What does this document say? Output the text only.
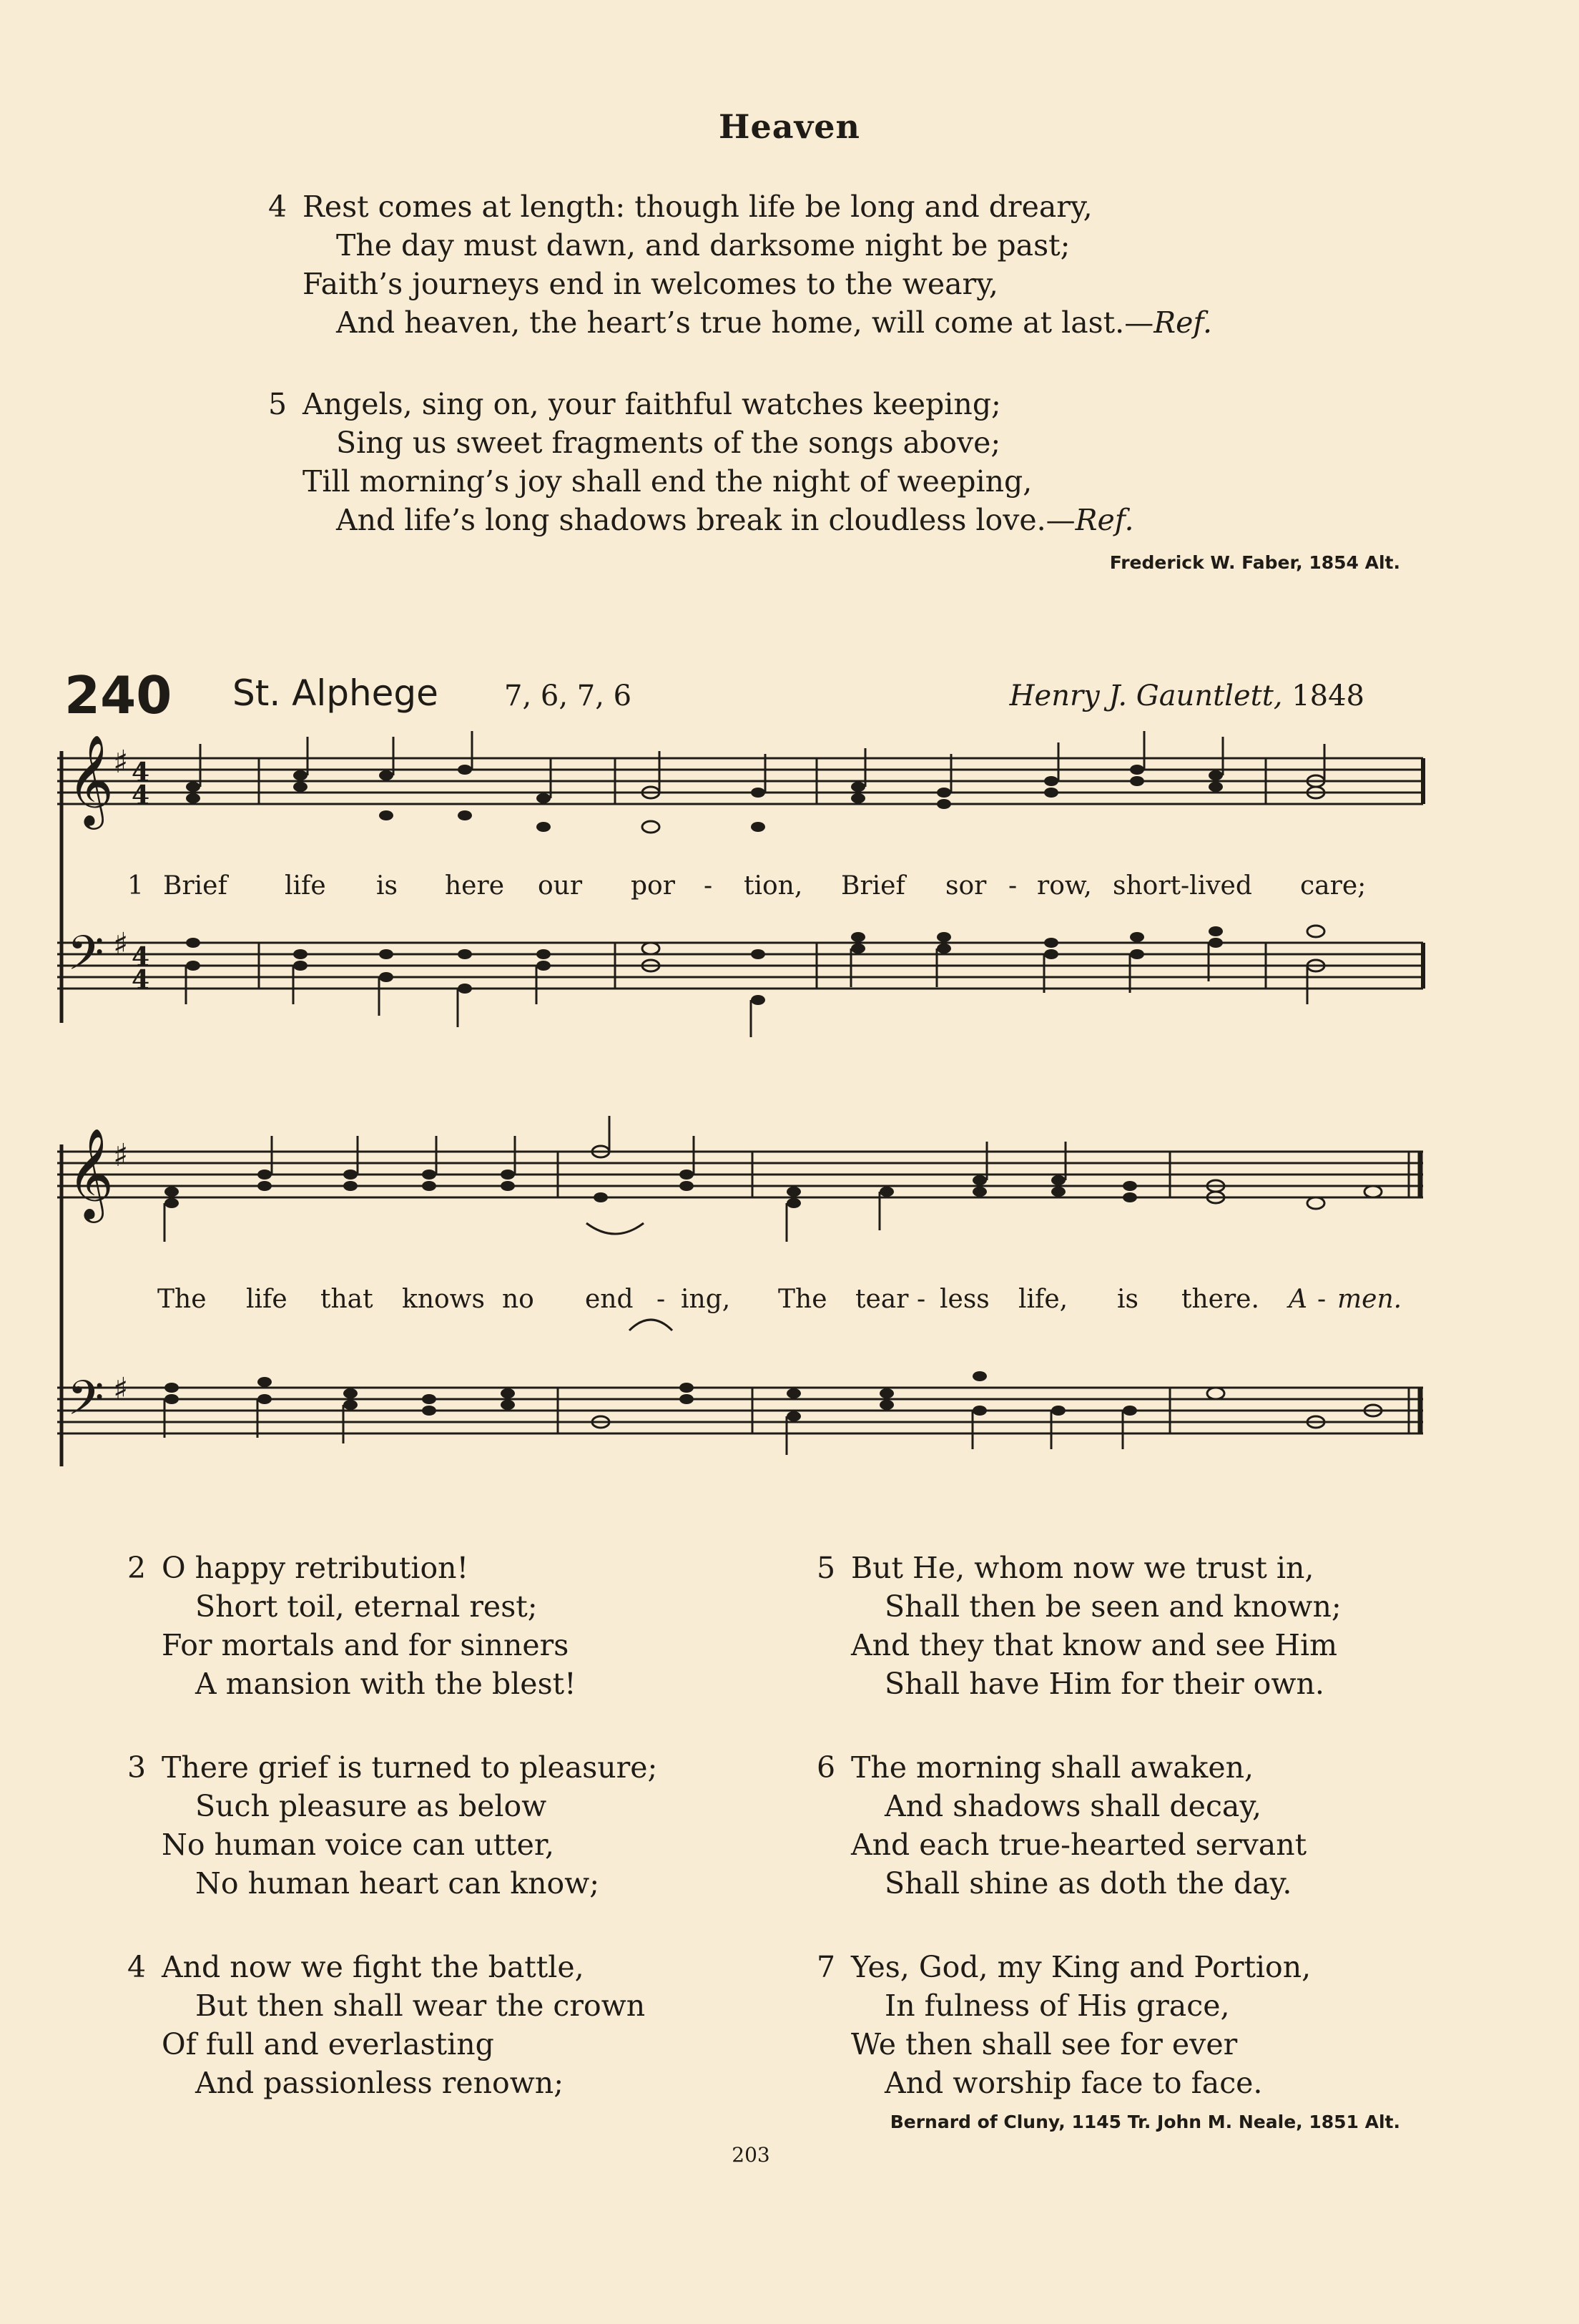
Heaven
4 Rest comes at length: though life be long and dreary,
The day must dawn, and darksome night be past;
Faith’s journeys end in welcomes to the weary,
And heaven, the heart’s true home, will come at last.—Ref.
5 Angels, sing on, your faithful watches keeping;
Sing us sweet fragments of the songs above;
Till morning’s joy shall end the night of weeping,
And life’s long shadows break in cloudless love.—Ref.
Frederick W. Faber, 1854 Alt.
240 St. Alphege 7, 6, 7, 6	Henry J. Gauntlett, 1848
𝄞
𝄢
♯
♯
4
4
4
4
1 Brief life is here our por - tion, Brief sor - row, short-lived care;
𝄞
𝄢
♯
♯
The life that knows no end - ing, The tear - less life, is there. A - men.
2 O happy retribution!
Short toil, eternal rest;
For mortals and for sinners
A mansion with the blest!
3 There grief is turned to pleasure;
Such pleasure as below
No human voice can utter,
No human heart can know;
4 And now we fight the battle,
But then shall wear the crown
Of full and everlasting
And passionless renown;
5 But He, whom now we trust in,
Shall then be seen and known;
And they that know and see Him
Shall have Him for their own.
6 The morning shall awaken,
And shadows shall decay,
And each true-hearted servant
Shall shine as doth the day.
7 Yes, God, my King and Portion,
In fulness of His grace,
We then shall see for ever
And worship face to face.
Bernard of Cluny, 1145 Tr. John M. Neale, 1851 Alt.
203
